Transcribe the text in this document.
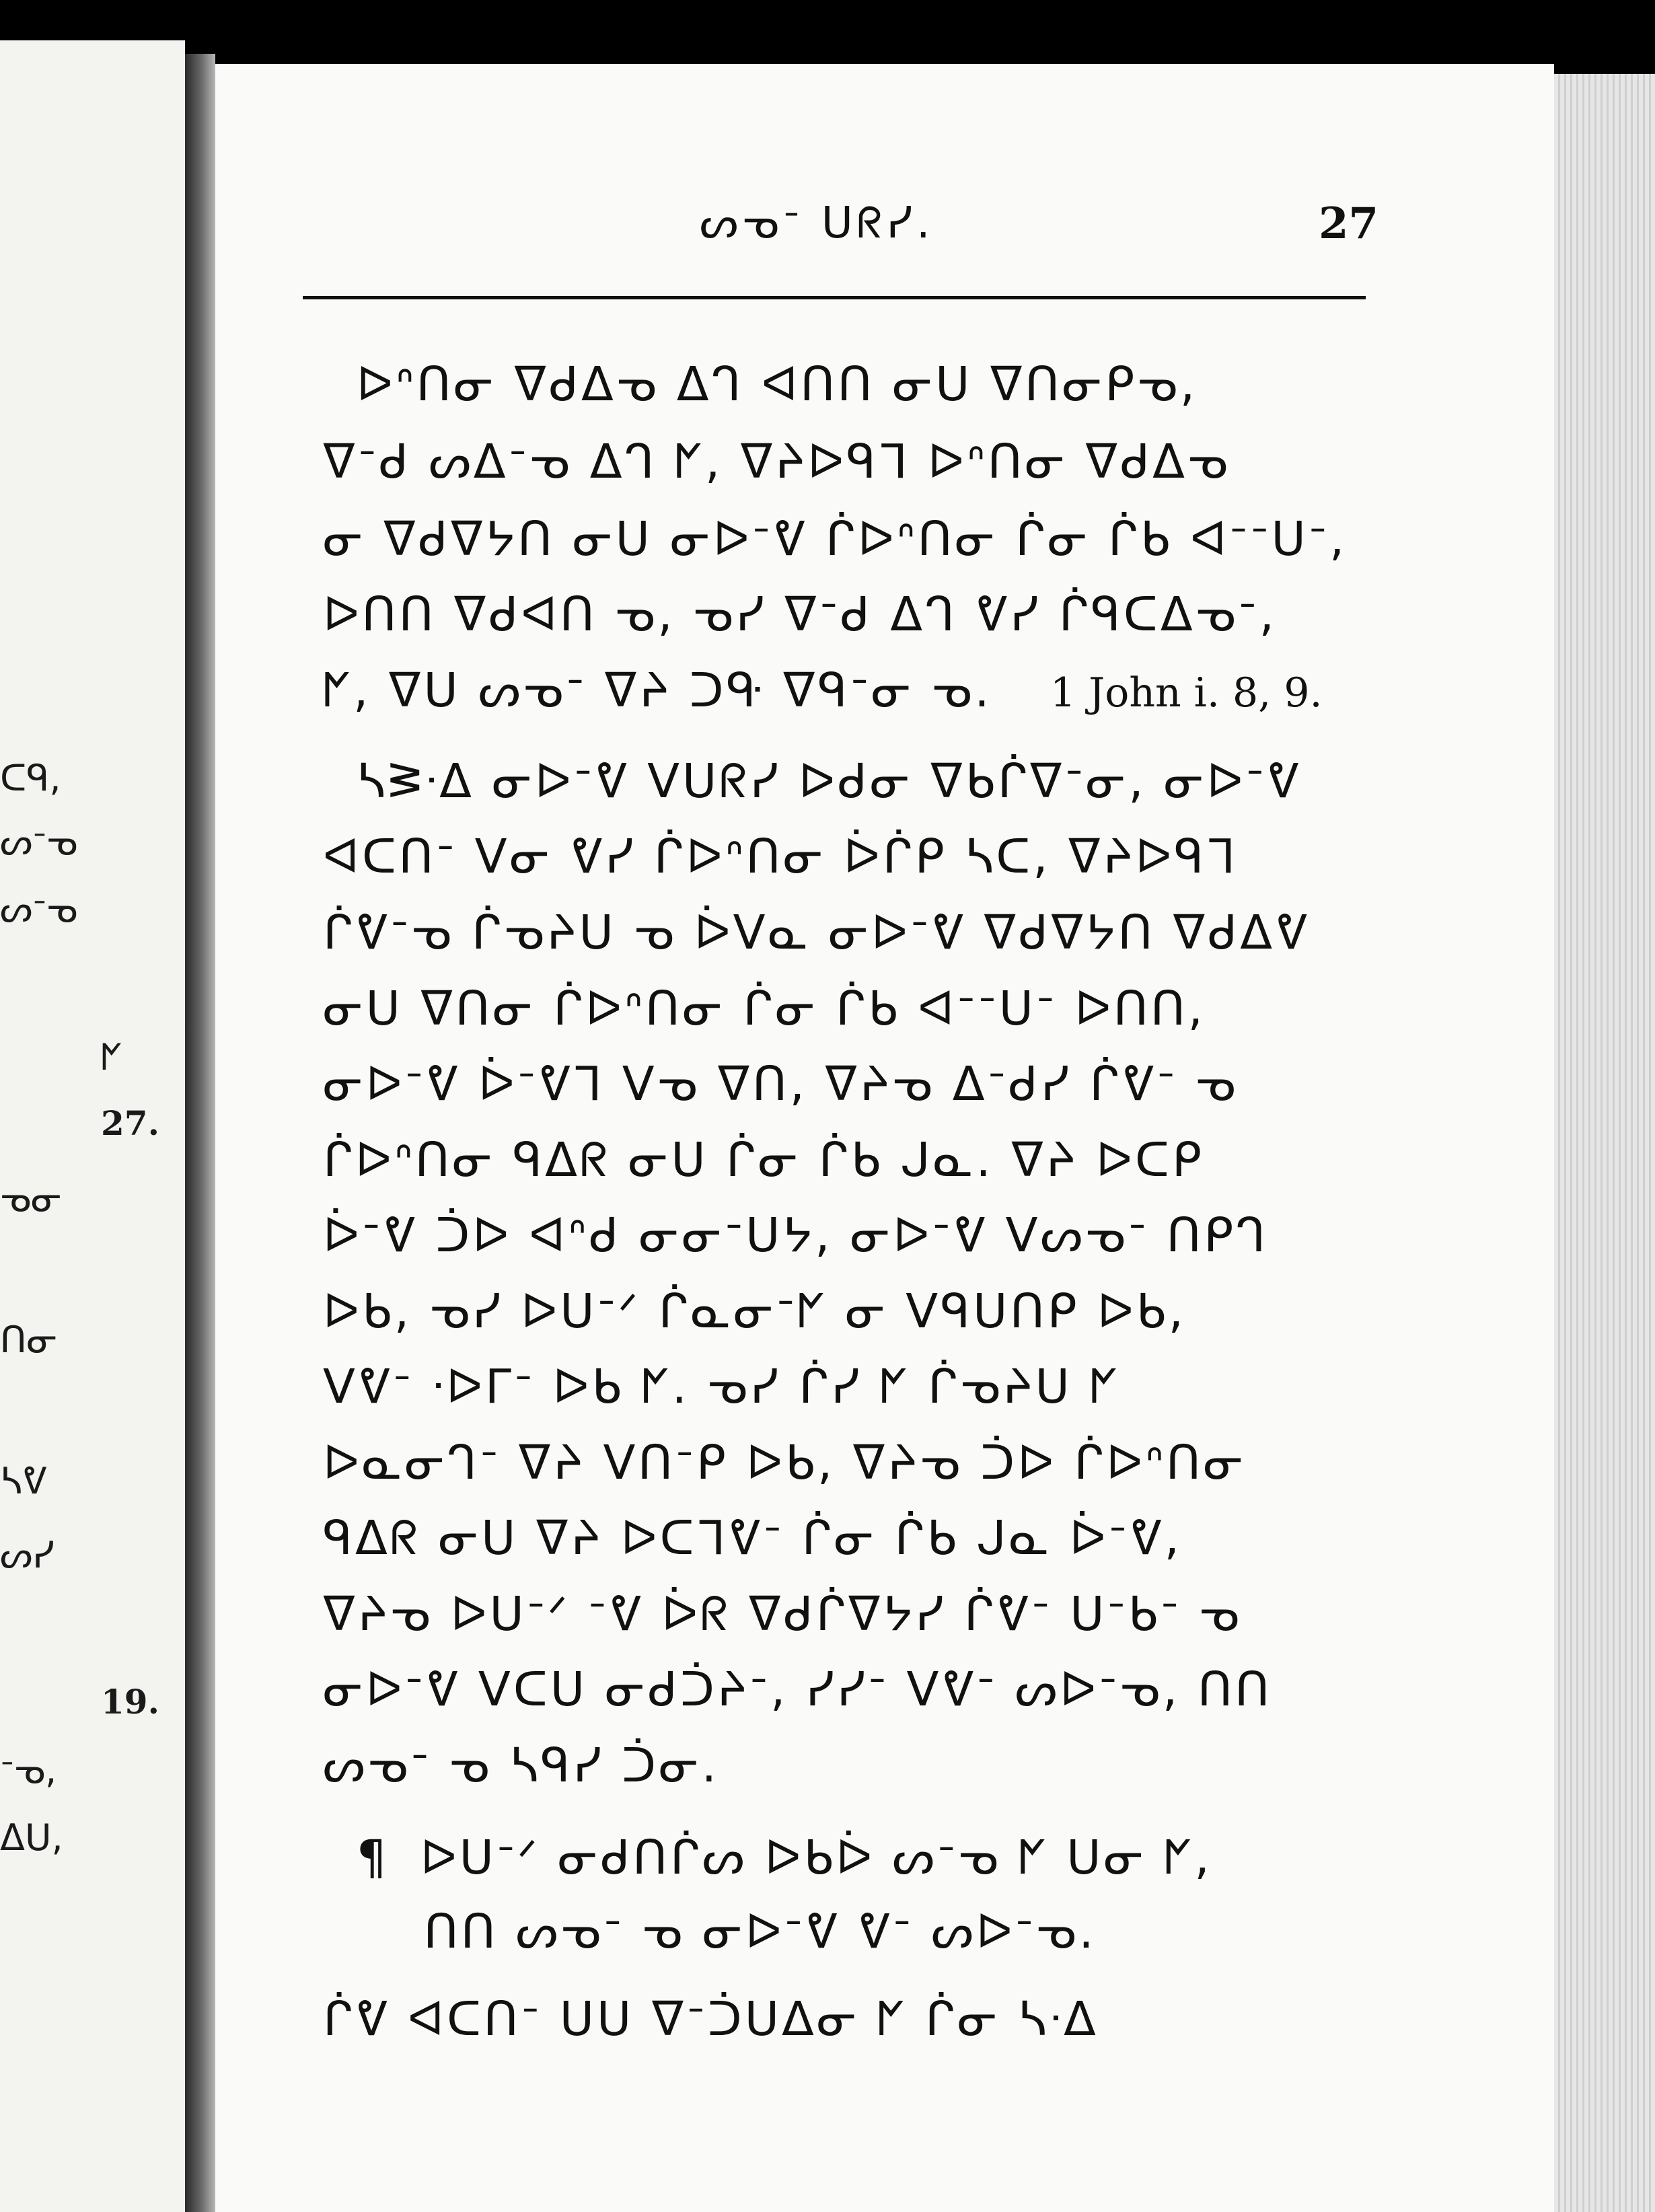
ᑕᑫ,
ᔕᐨᓀ
ᔕᐨᓀ
ᖼ
27.
ᓀᓂ
ᑎᓂ
ᓴᕓ
ᔕᓯ
19.
ᐨᓀ,
ᐃᑌ,
ᔕᓀᐨ ᑌᖇᓯ.	27
ᐅᐢᑎᓂ ᐁᑯᐃᓀ ᐃᒉ ᐊᑎᑎ ᓂᑌ ᐁᑎᓂᑭᓀ,
ᐁᐨᑯ ᔕᐃᐨᓀ ᐃᒉ ᖼ, ᐁᔨᐅᑫᒣ ᐅᐢᑎᓂ ᐁᑯᐃᓀ
ᓂ ᐁᑯᐁᔭᑎ ᓂᑌ ᓂᐅᐨᕓ ᒌᐅᐢᑎᓂ ᒌᓂ ᒌᑲ ᐊᐨᐨᑌᐨ,
ᐅᑎᑎ ᐁᑯᐊᑎ ᓀ, ᓀᓯ ᐁᐨᑯ ᐃᒉ ᕓᓯ ᒌᑫᑕᐃᓀᐨ,
ᖼ, ᐁᑌ ᔕᓀᐨ ᐁᔨ ᑐᑵ ᐁᑫᐨᓂ ᓀ. 1 John i. 8, 9.
ᓴᕒᐧᐃ ᓂᐅᐨᕓ ᐯᑌᖇᓯ ᐅᑯᓂ ᐁᑲᒌᐁᐨᓂ, ᓂᐅᐨᕓ
ᐊᑕᑎᐨ ᐯᓂ ᕓᓯ ᒌᐅᐢᑎᓂ ᐆᒌᑭ ᓴᑕ, ᐁᔨᐅᑫᒣ
ᒌᕓᐨᓀ ᒌᓀᔨᑌ ᓀ ᐆᐯᓇ ᓂᐅᐨᕓ ᐁᑯᐁᔭᑎ ᐁᑯᐃᕓ
ᓂᑌ ᐁᑎᓂ ᒌᐅᐢᑎᓂ ᒌᓂ ᒌᑲ ᐊᐨᐨᑌᐨ ᐅᑎᑎ,
ᓂᐅᐨᕓ ᐆᐨᕓᒣ ᐯᓀ ᐁᑎ, ᐁᔨᓀ ᐃᐨᑯᓯ ᒌᕓᐨ ᓀ
ᒌᐅᐢᑎᓂ ᑫᐃᖇ ᓂᑌ ᒌᓂ ᒌᑲ ᒍᓇ. ᐁᔨ ᐅᑕᑭ
ᐆᐨᕓ ᑑᐅ ᐊᐢᑯ ᓂᓂᐨᑌᔭ, ᓂᐅᐨᕓ ᐯᔕᓀᐨ ᑎᑭᒉ
ᐅᑲ, ᓀᓯ ᐅᑌᐨᐟ ᒌᓇᓂᐨᖼ ᓂ ᐯᑫᑌᑎᑭ ᐅᑲ,
ᐯᕓᐨ ᐧᐅᒥᐨ ᐅᑲ ᖼ. ᓀᓯ ᒌᓯ ᖼ ᒌᓀᔨᑌ ᖼ
ᐅᓇᓂᒉᐨ ᐁᔨ ᐯᑎᐨᑭ ᐅᑲ, ᐁᔨᓀ ᑑᐅ ᒌᐅᐢᑎᓂ
ᑫᐃᖇ ᓂᑌ ᐁᔨ ᐅᑕᒣᕓᐨ ᒌᓂ ᒌᑲ ᒍᓇ ᐆᐨᕓ,
ᐁᔨᓀ ᐅᑌᐨᐟ ᐨᕓ ᐆᖇ ᐁᑯᒌᐁᔭᓯ ᒌᕓᐨ ᑌᐨᑲᐨ ᓀ
ᓂᐅᐨᕓ ᐯᑕᑌ ᓂᑯᑑᔨᐨ, ᓯᓯᐨ ᐯᕓᐨ ᔕᐅᐨᓀ, ᑎᑎ
ᔕᓀᐨ ᓀ ᓴᑫᓯ ᑑᓂ.
¶ ᐅᑌᐨᐟ ᓂᑯᑎᒌᔕ ᐅᑲᐆ ᔕᐨᓀ ᖼ ᑌᓂ ᖼ,
ᑎᑎ ᔕᓀᐨ ᓀ ᓂᐅᐨᕓ ᕓᐨ ᔕᐅᐨᓀ.
ᒌᕓ ᐊᑕᑎᐨ ᑌᑌ ᐁᐨᑑᑌᐃᓂ ᖼ ᒌᓂ ᓴᐧᐃ
